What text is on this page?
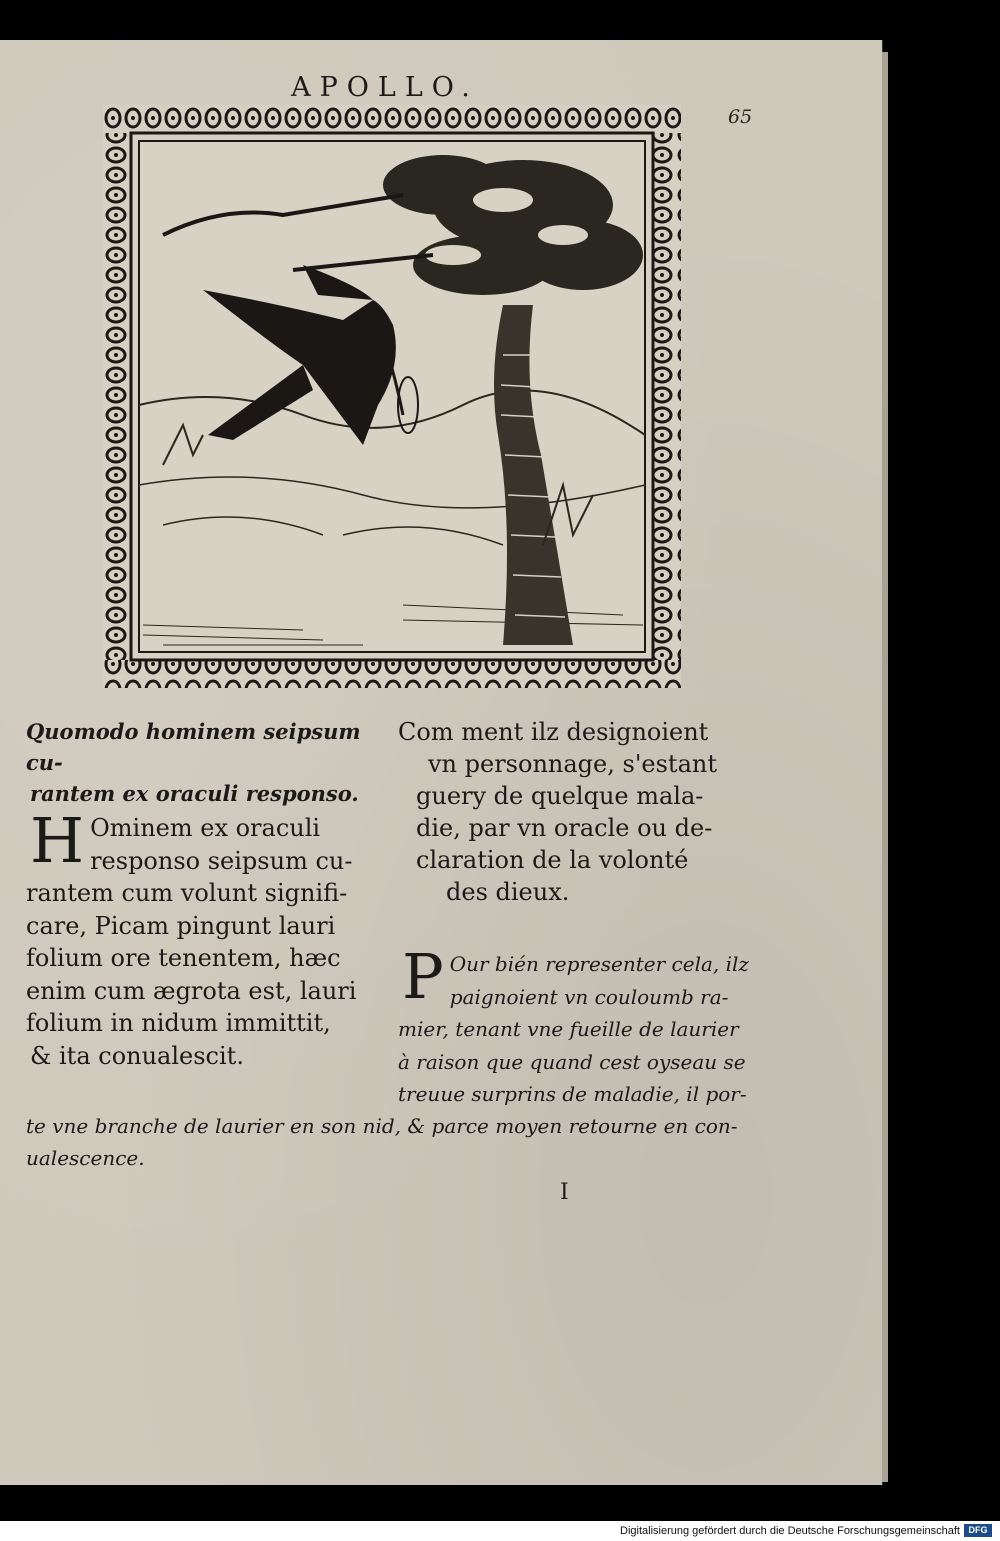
APOLLO.
65
Quomodo hominem seipsum cu-
rantem ex oraculi responso.
Com ment ilz designoient
vn personnage, s'estant
guery de quelque mala-
die, par vn oracle ou de-
claration de la volonté
des dieux.
H Ominem ex oraculi
responso seipsum cu-
rantem cum volunt signifi-
care, Picam pingunt lauri
folium ore tenentem, hæc
enim cum ægrota est, lauri
folium in nidum immittit,
& ita conualescit.
P Our bién representer cela, ilz
paignoient vn couloumb ra-
mier, tenant vne fueille de laurier
à raison que quand cest oyseau se
treuue surprins de maladie, il por-
te vne branche de laurier en son nid, & parce moyen retourne en con-
ualescence.
I
Digitalisierung gefördert durch die Deutsche Forschungsgemeinschaft DFG
